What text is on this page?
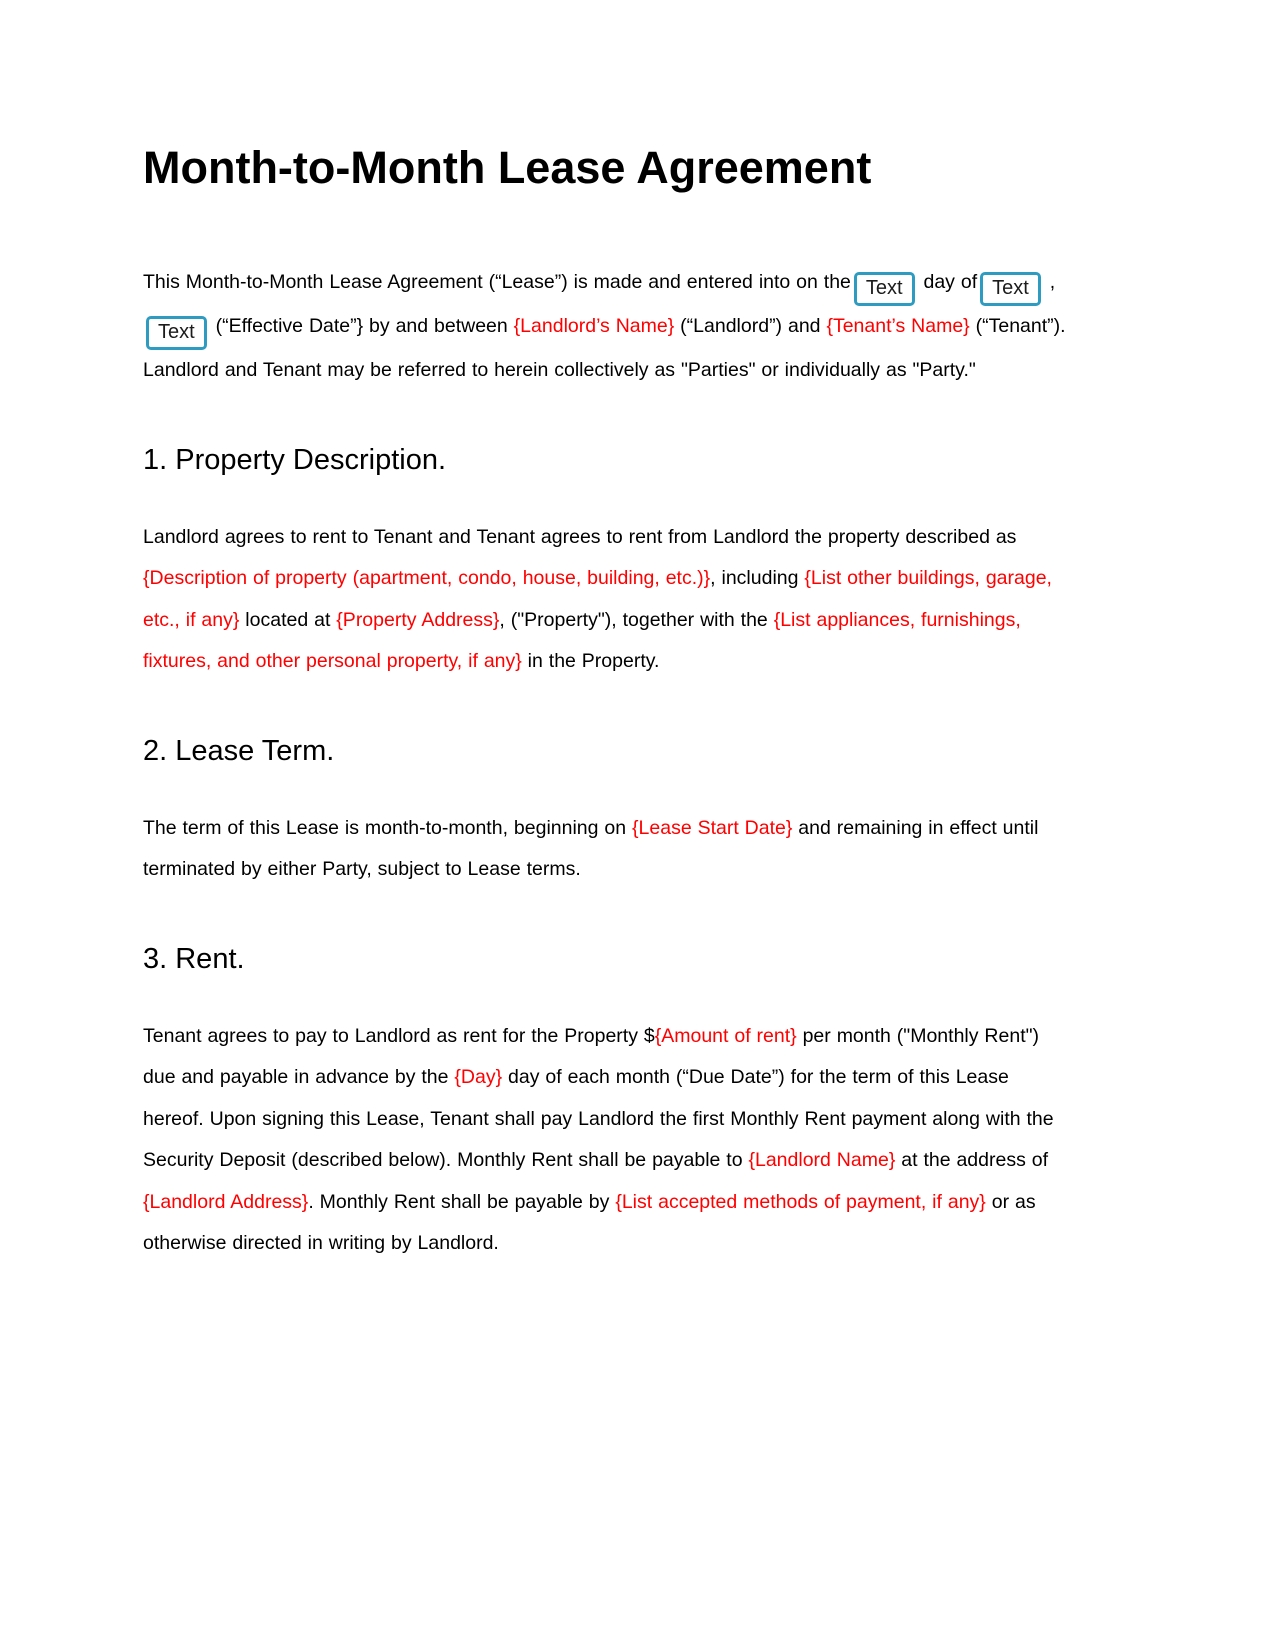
Month-to-Month Lease Agreement

This Month-to-Month Lease Agreement (“Lease”) is made and entered into on the Text day of Text ,Text (“Effective Date”} by and between {Landlord’s Name} (“Landlord”) and {Tenant’s Name} (“Tenant”). Landlord and Tenant may be referred to herein collectively as "Parties" or individually as "Party."

1. Property Description.

Landlord agrees to rent to Tenant and Tenant agrees to rent from Landlord the property described as {Description of property (apartment, condo, house, building, etc.)}, including {List other buildings, garage, etc., if any} located at {Property Address}, ("Property"), together with the {List appliances, furnishings, fixtures, and other personal property, if any} in the Property.

2. Lease Term.

The term of this Lease is month-to-month, beginning on {Lease Start Date} and remaining in effect until terminated by either Party, subject to Lease terms.

3. Rent.

Tenant agrees to pay to Landlord as rent for the Property ${Amount of rent} per month ("Monthly Rent") due and payable in advance by the {Day} day of each month (“Due Date”) for the term of this Lease hereof. Upon signing this Lease, Tenant shall pay Landlord the first Monthly Rent payment along with the Security Deposit (described below). Monthly Rent shall be payable to {Landlord Name} at the address of {Landlord Address}. Monthly Rent shall be payable by {List accepted methods of payment, if any} or as otherwise directed in writing by Landlord.
